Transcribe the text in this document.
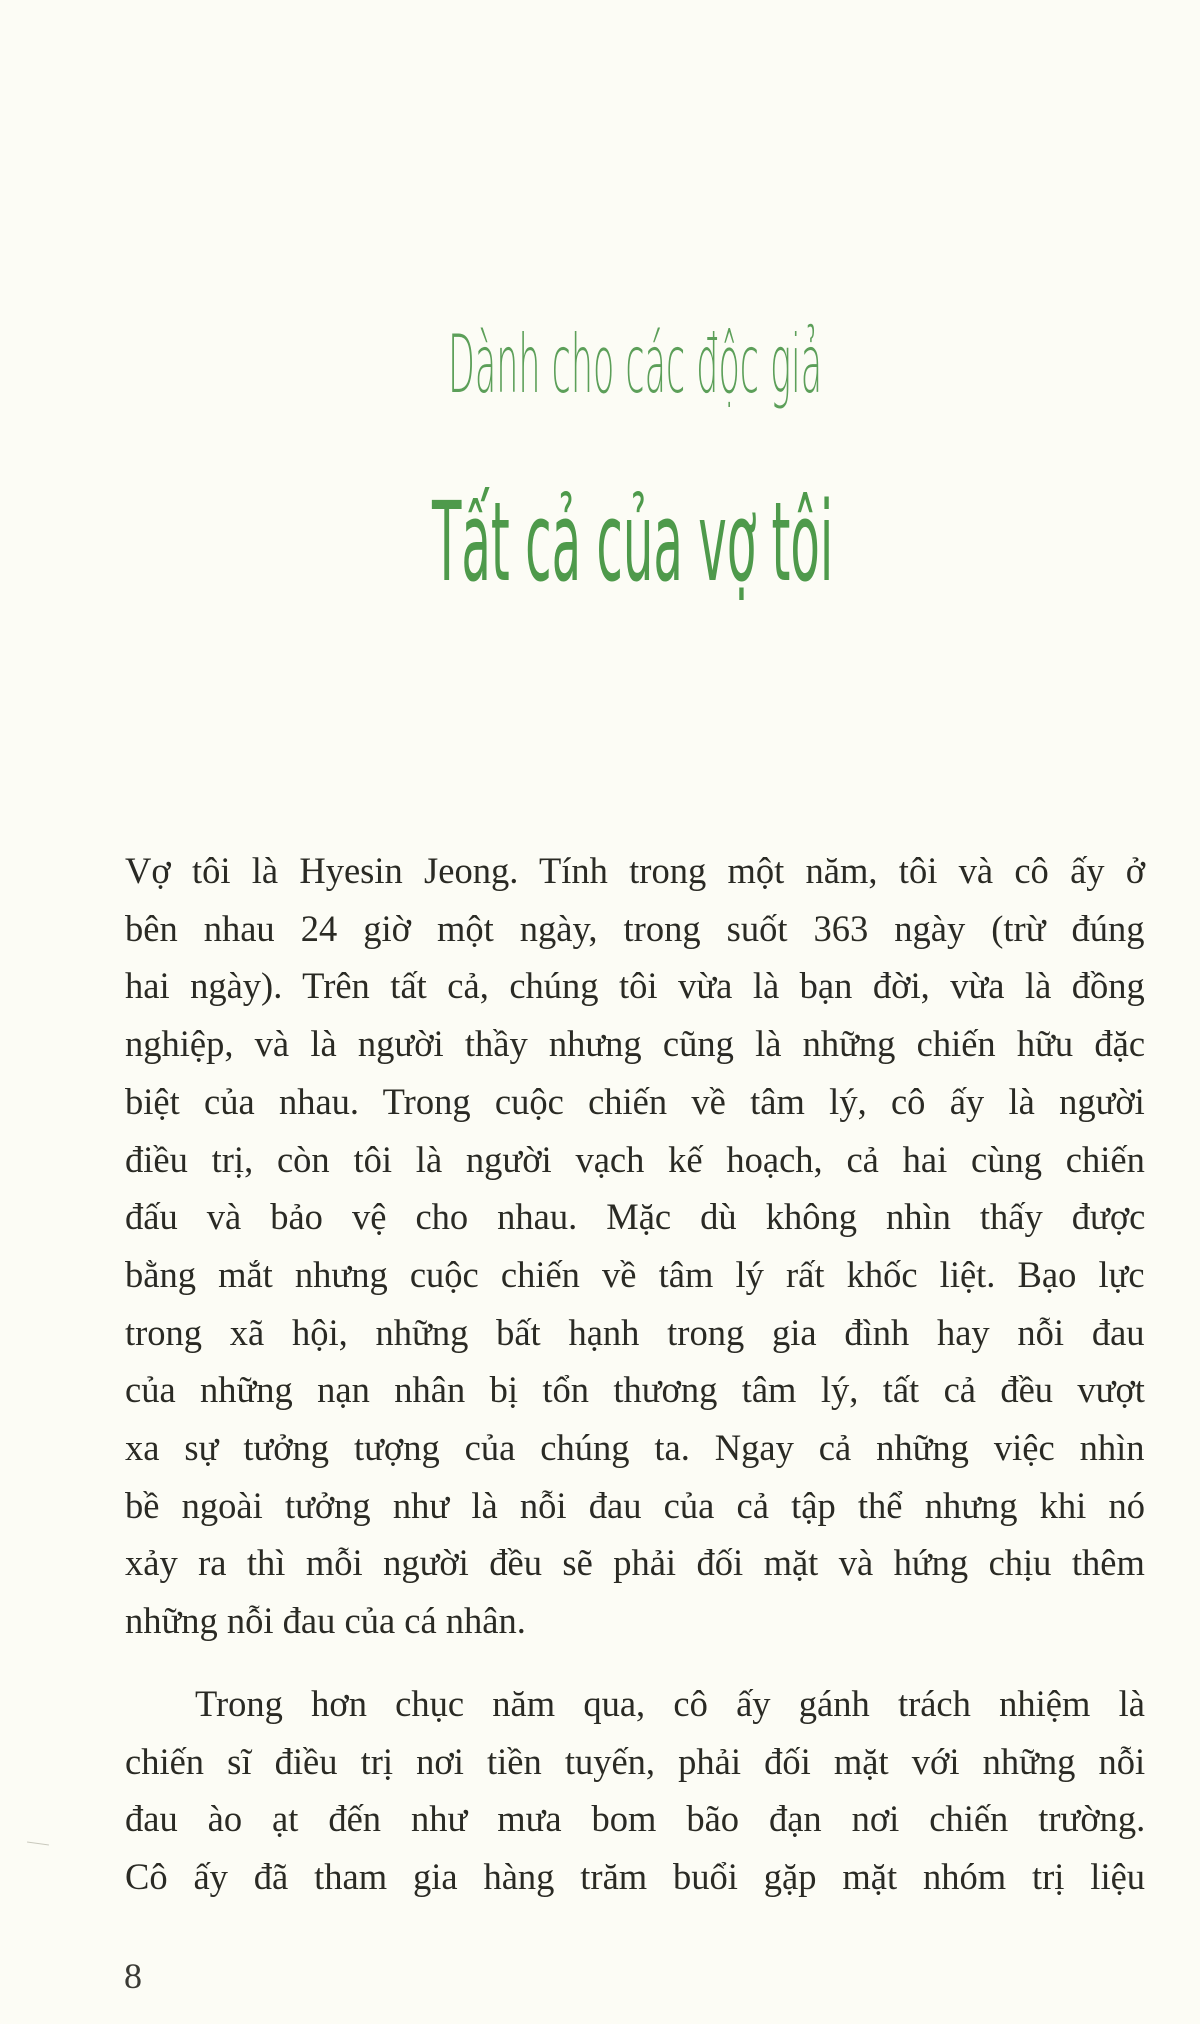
Dành cho các độc giả
Tất cả của vợ tôi
Vợ tôi là Hyesin Jeong. Tính trong một năm, tôi và cô ấy ở
bên nhau 24 giờ một ngày, trong suốt 363 ngày (trừ đúng
hai ngày). Trên tất cả, chúng tôi vừa là bạn đời, vừa là đồng
nghiệp, và là người thầy nhưng cũng là những chiến hữu đặc
biệt của nhau. Trong cuộc chiến về tâm lý, cô ấy là người
điều trị, còn tôi là người vạch kế hoạch, cả hai cùng chiến
đấu và bảo vệ cho nhau. Mặc dù không nhìn thấy được
bằng mắt nhưng cuộc chiến về tâm lý rất khốc liệt. Bạo lực
trong xã hội, những bất hạnh trong gia đình hay nỗi đau
của những nạn nhân bị tổn thương tâm lý, tất cả đều vượt
xa sự tưởng tượng của chúng ta. Ngay cả những việc nhìn
bề ngoài tưởng như là nỗi đau của cả tập thể nhưng khi nó
xảy ra thì mỗi người đều sẽ phải đối mặt và hứng chịu thêm
những nỗi đau của cá nhân.
Trong hơn chục năm qua, cô ấy gánh trách nhiệm là
chiến sĩ điều trị nơi tiền tuyến, phải đối mặt với những nỗi
đau ào ạt đến như mưa bom bão đạn nơi chiến trường.
Cô ấy đã tham gia hàng trăm buổi gặp mặt nhóm trị liệu
8
